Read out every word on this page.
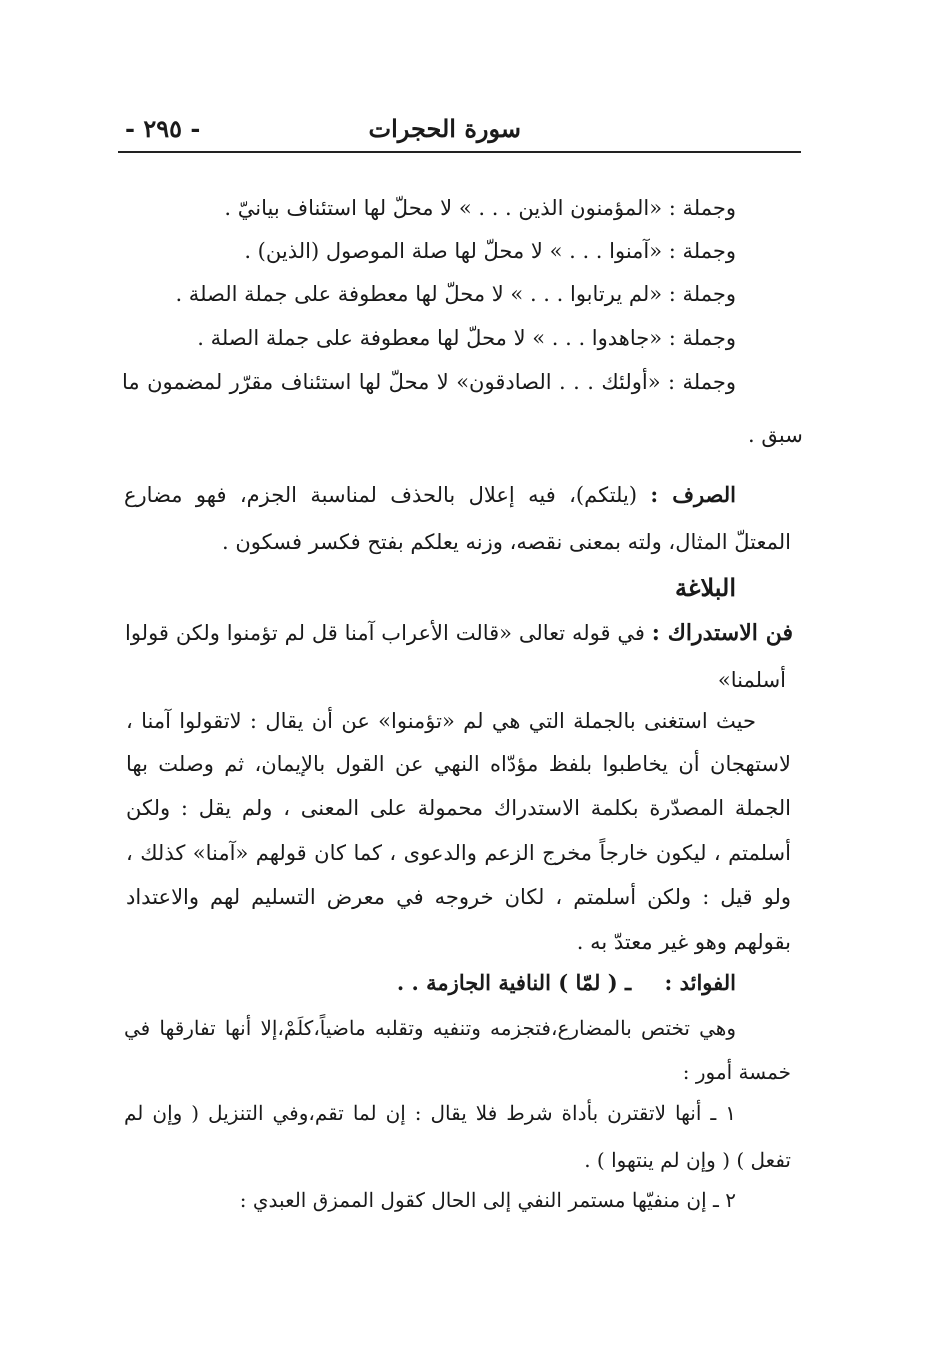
سورة الحجرات
- ٢٩٥ -
وجملة : «المؤمنون الذين . . . » لا محلّ لها استئناف بيانيّ .
وجملة : «آمنوا . . . » لا محلّ لها صلة الموصول (الذين) .
وجملة : «لم يرتابوا . . . » لا محلّ لها معطوفة على جملة الصلة .
وجملة : «جاهدوا . . . » لا محلّ لها معطوفة على جملة الصلة .
وجملة : «أولئك . . . الصادقون» لا محلّ لها استئناف مقرّر لمضمون ما
سبق .
الصرف : (يلتكم)، فيه إعلال بالحذف لمناسبة الجزم، فهو مضارع
المعتلّ المثال، ولته بمعنى نقصه، وزنه يعلكم بفتح فكسر فسكون .
البلاغة
فن الاستدراك : في قوله تعالى «قالت الأعراب آمنا قل لم تؤمنوا ولكن قولوا
أسلمنا»
حيث استغنى بالجملة التي هي لم «تؤمنوا» عن أن يقال : لاتقولوا آمنا ،
لاستهجان أن يخاطبوا بلفظ مؤدّاه النهي عن القول بالإيمان، ثم وصلت بها
الجملة المصدّرة بكلمة الاستدراك محمولة على المعنى ، ولم يقل : ولكن
أسلمتم ، ليكون خارجاً مخرج الزعم والدعوى ، كما كان قولهم «آمنا» كذلك ،
ولو قيل : ولكن أسلمتم ، لكان خروجه في معرض التسليم لهم والاعتداد
بقولهم وهو غير معتدّ به .
الفوائد :     ـ ( لمّا ) النافية الجازمة . .
وهي تختص بالمضارع،فتجزمه وتنفيه وتقلبه ماضياً،كلَمْ،إلا أنها تفارقها في
خمسة أمور :
١ ـ أنها لاتقترن بأداة شرط فلا يقال : إن لما تقم،وفي التنزيل ( وإن لم
تفعل ) ( وإن لم ينتهوا ) .
٢ ـ إن منفيّها مستمر النفي إلى الحال كقول الممزق العبدي :
